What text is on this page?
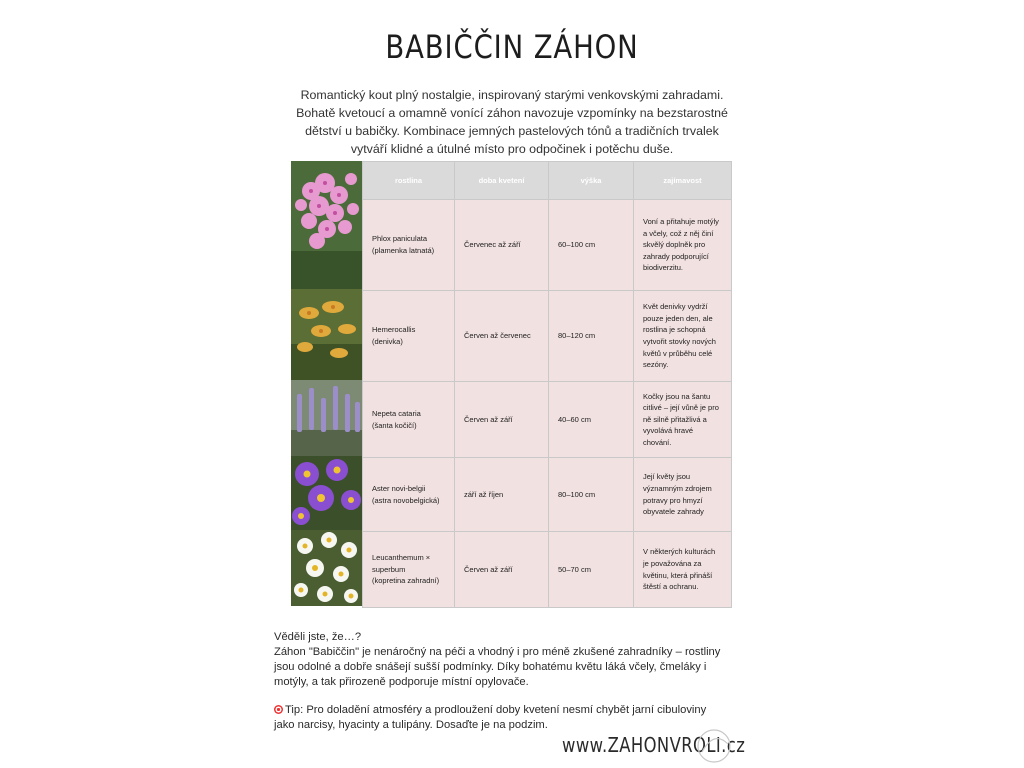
BABIČČIN ZÁHON
Romantický kout plný nostalgie, inspirovaný starými venkovskými zahradami.
Bohatě kvetoucí a omamně vonící záhon navozuje vzpomínky na bezstarostné
dětství u babičky. Kombinace jemných pastelových tónů a tradičních trvalek
vytváří klidné a útulné místo pro odpočinek i potěchu duše.
rostlina	doba kvetení	výška	zajímavost
Phlox paniculata
(plamenka latnatá)	Červenec až září	60–100 cm	Voní a přitahuje motýly a včely, což z něj činí skvělý doplněk pro zahrady podporující biodiverzitu.
Hemerocallis
(denivka)	Červen až červenec	80–120 cm	Květ denivky vydrží pouze jeden den, ale rostlina je schopná vytvořit stovky nových květů v průběhu celé sezóny.
Nepeta cataria
(šanta kočičí)	Červen až září	40–60 cm	Kočky jsou na šantu citlivé – její vůně je pro ně silně přitažlivá a vyvolává hravé chování.
Aster novi-belgii
(astra novobelgická)	září až říjen	80–100 cm	Její květy jsou významným zdrojem potravy pro hmyzí obyvatele zahrady
Leucanthemum ×
superbum
(kopretina zahradní)	Červen až září	50–70 cm	V některých kulturách je považována za květinu, která přináší štěstí a ochranu.

Věděli jste, že…?

Záhon "Babiččin" je nenáročný na péči a vhodný i pro méně zkušené zahradníky – rostliny

jsou odolné a dobře snášejí sušší podmínky. Díky bohatému květu láká včely, čmeláky i

motýly, a tak přirozeně podporuje místní opylovače.

Tip: Pro doladění atmosféry a prodloužení doby kvetení nesmí chybět jarní cibuloviny

jako narcisy, hyacinty a tulipány. Dosaďte je na podzim.

www.ZAHONVROLI.cz
